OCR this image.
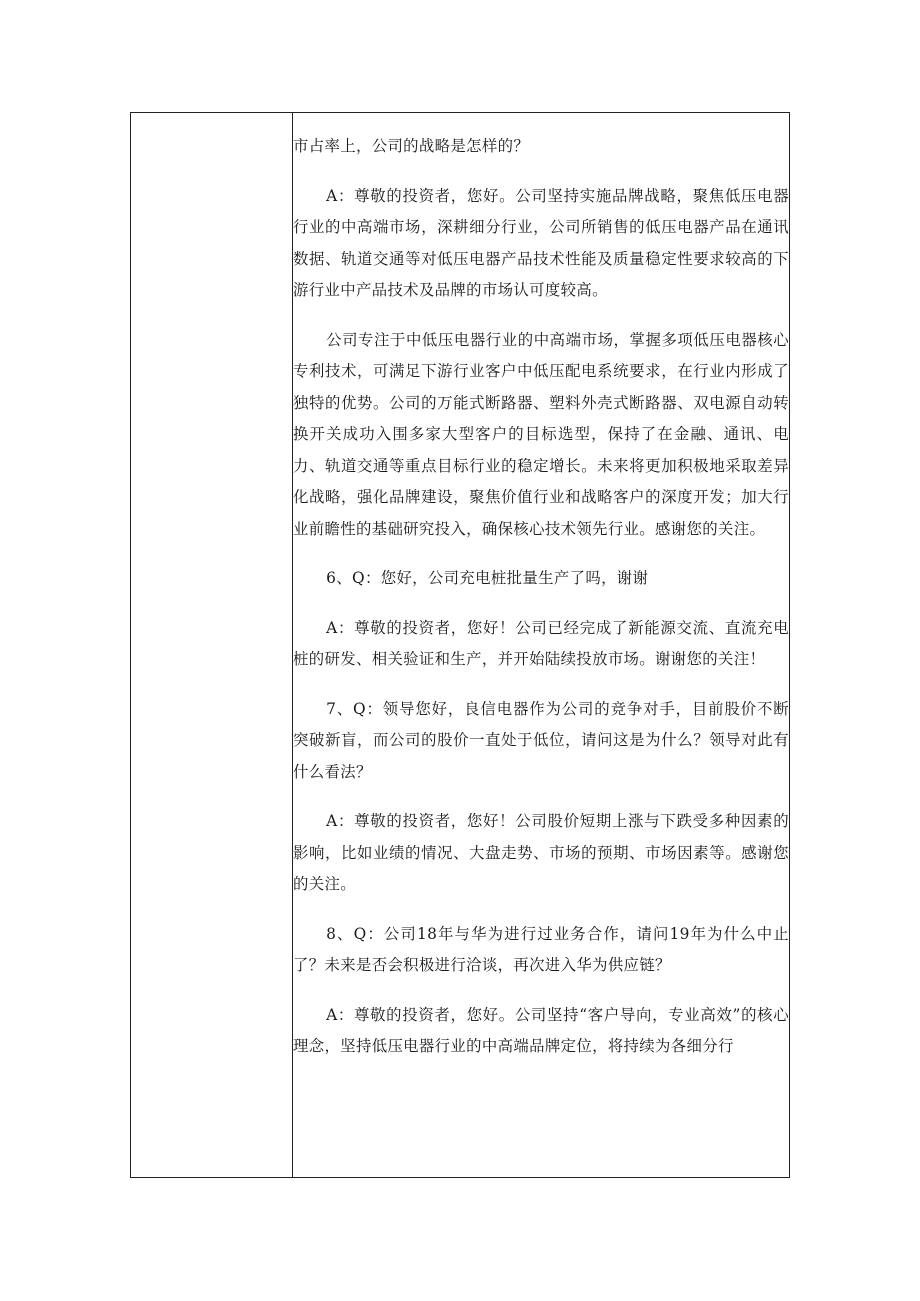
市占率上，公司的战略是怎样的？

A：尊敬的投资者，您好。公司坚持实施品牌战略，聚焦低压电器行业的中高端市场，深耕细分行业，公司所销售的低压电器产品在通讯数据、轨道交通等对低压电器产品技术性能及质量稳定性要求较高的下游行业中产品技术及品牌的市场认可度较高。

公司专注于中低压电器行业的中高端市场，掌握多项低压电器核心专利技术，可满足下游行业客户中低压配电系统要求，在行业内形成了独特的优势。公司的万能式断路器、塑料外壳式断路器、双电源自动转换开关成功入围多家大型客户的目标选型，保持了在金融、通讯、电力、轨道交通等重点目标行业的稳定增长。未来将更加积极地采取差异化战略，强化品牌建设，聚焦价值行业和战略客户的深度开发；加大行业前瞻性的基础研究投入，确保核心技术领先行业。感谢您的关注。

6、Q：您好，公司充电桩批量生产了吗，谢谢

A：尊敬的投资者，您好！公司已经完成了新能源交流、直流充电桩的研发、相关验证和生产，并开始陆续投放市场。谢谢您的关注！

7、Q：领导您好，良信电器作为公司的竞争对手，目前股价不断突破新盲，而公司的股价一直处于低位，请问这是为什么？领导对此有什么看法？

A：尊敬的投资者，您好！公司股价短期上涨与下跌受多种因素的影响，比如业绩的情况、大盘走势、市场的预期、市场因素等。感谢您的关注。

8、Q：公司18年与华为进行过业务合作，请问19年为什么中止了？未来是否会积极进行洽谈，再次进入华为供应链？

A：尊敬的投资者，您好。公司坚持“客户导向，专业高效”的核心理念，坚持低压电器行业的中高端品牌定位，将持续为各细分行
